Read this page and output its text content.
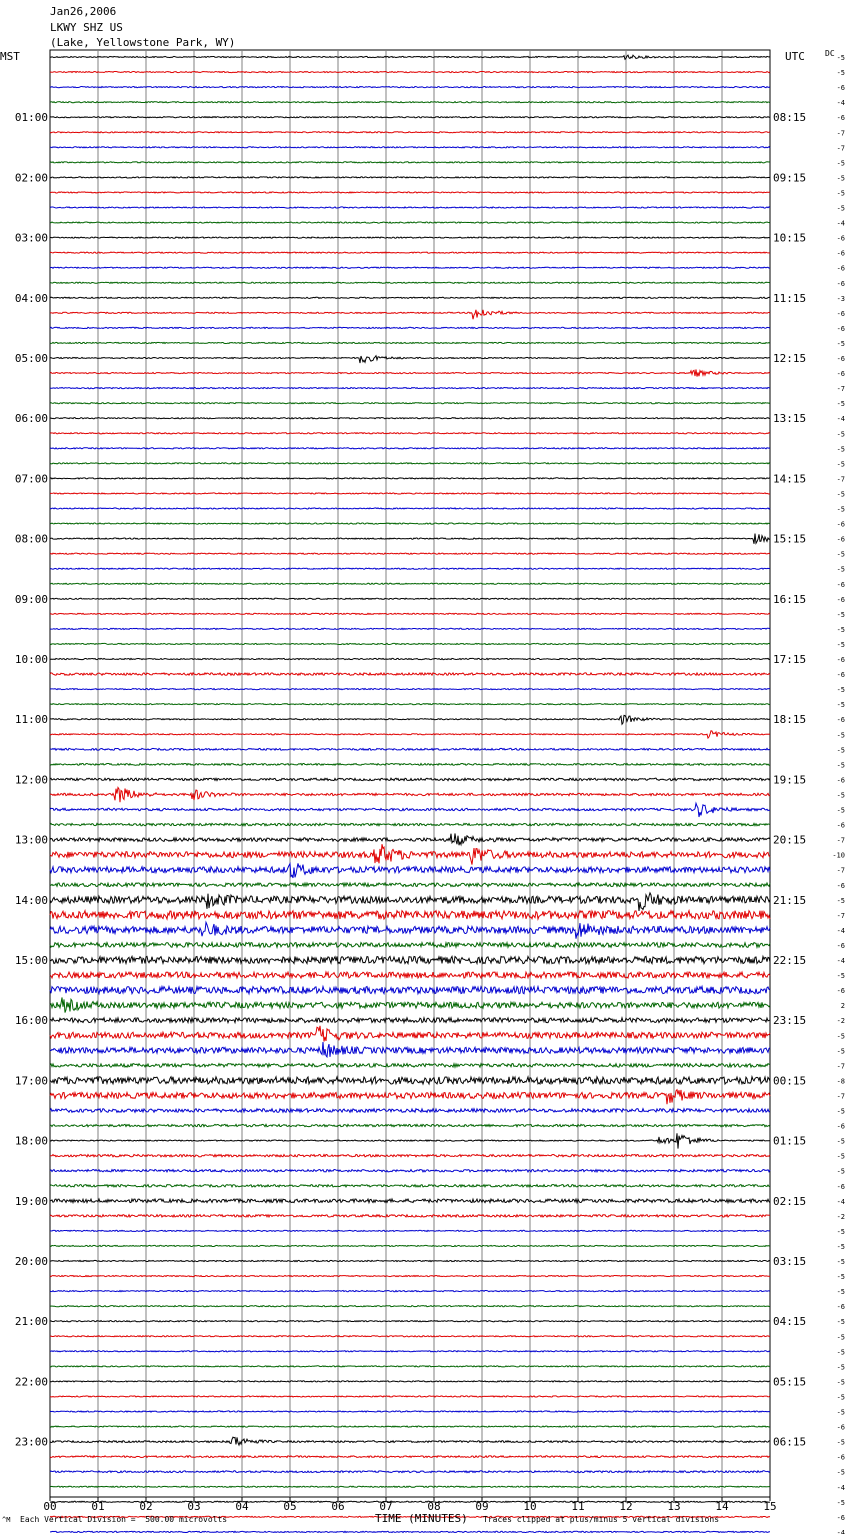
01:00
02:00
03:00
04:00
05:00
06:00
07:00
08:00
09:00
10:00
11:00
12:00
13:00
14:00
15:00
16:00
17:00
18:00
19:00
20:00
21:00
22:00
23:00
08:15
09:15
10:15
11:15
12:15
13:15
14:15
15:15
16:15
17:15
18:15
19:15
20:15
21:15
22:15
23:15
00:15
01:15
02:15
03:15
04:15
05:15
06:15
-5
-5
-6
-4
-6
-7
-7
-5
-5
-5
-5
-4
-6
-6
-6
-6
-3
-6
-6
-5
-6
-6
-7
-5
-4
-5
-5
-5
-7
-5
-5
-6
-6
-5
-5
-6
-6
-5
-5
-5
-6
-6
-5
-5
-6
-5
-5
-5
-6
-5
-5
-6
-7
-10
-7
-6
-5
-7
-4
-6
-4
-5
-6
2
-2
-5
-5
-7
-8
-7
-5
-6
-5
-5
-5
-6
-4
-2
-5
-5
-5
-5
-5
-6
-5
-5
-5
-5
-5
-5
-5
-6
-5
-6
-5
-4
-5
-6
-4
00	01	02	03	04	05	06	07	08	09	10	11	12	13	14	15
Jan26,2006
LKWY SHZ US
(Lake, Yellowstone Park, WY)
MST	UTC	DC
^M Each Vertical Division =  500.00 microvolts	TIME (MINUTES) Traces clipped at plus/minus 5 vertical divisions
